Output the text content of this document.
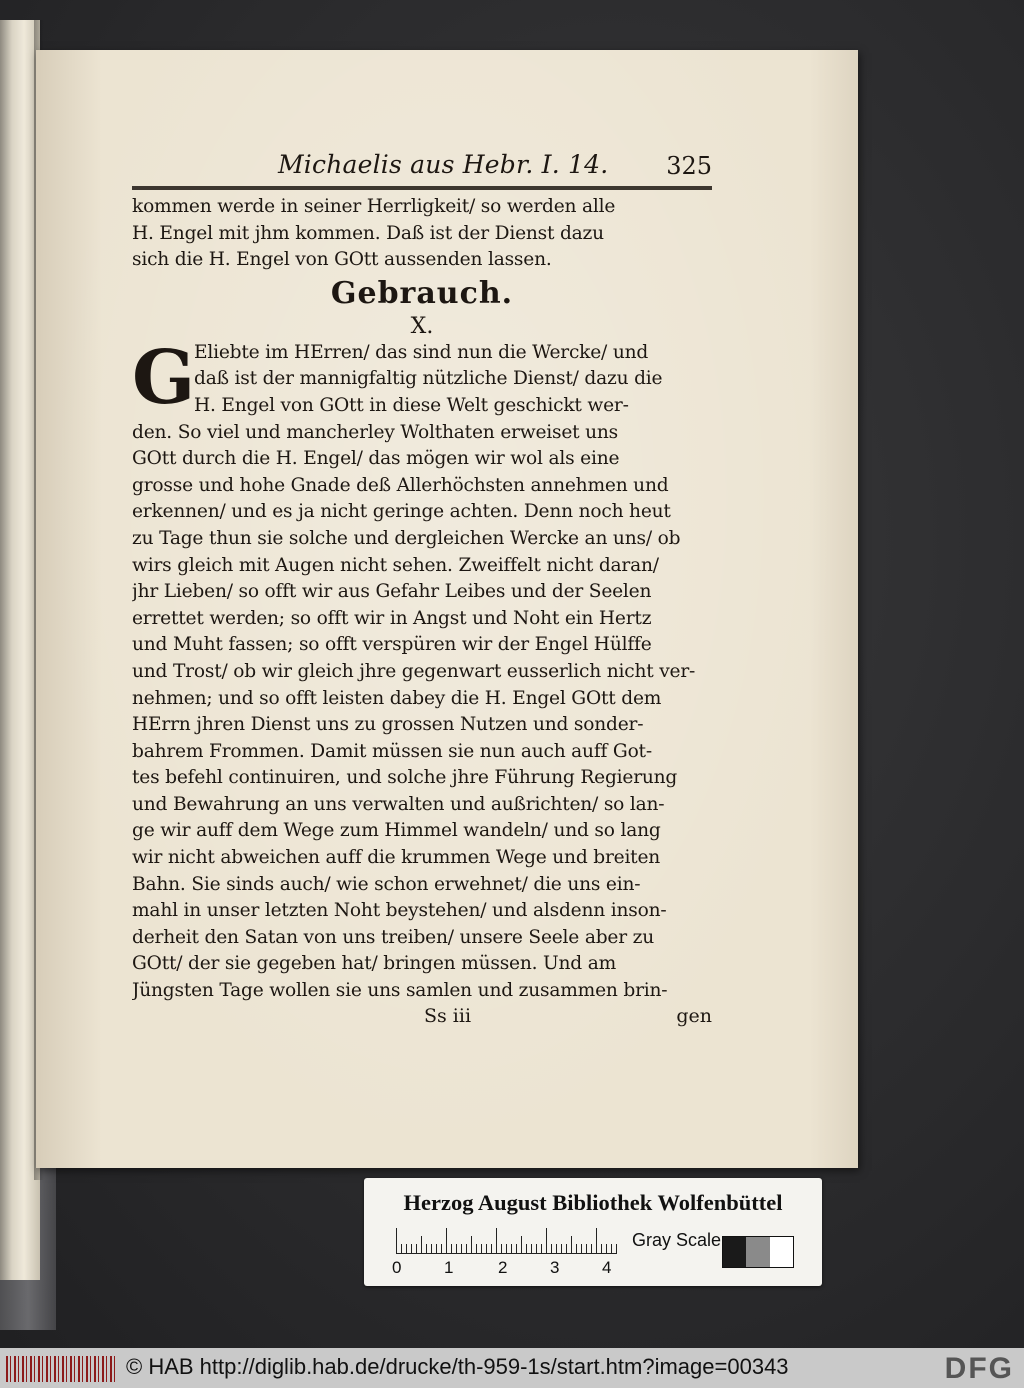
Michaelis aus Hebr. I. 14. 325
kommen werde in seiner Herrligkeit/ so werden alle
H. Engel mit jhm kommen. Daß ist der Dienst dazu
sich die H. Engel von GOtt aussenden lassen.
Gebrauch.
X.
G
Eliebte im HErren/ das sind nun die Wercke/ und
daß ist der mannigfaltig nützliche Dienst/ dazu die
H. Engel von GOtt in diese Welt geschickt wer-
den. So viel und mancherley Wolthaten erweiset uns
GOtt durch die H. Engel/ das mögen wir wol als eine
grosse und hohe Gnade deß Allerhöchsten annehmen und
erkennen/ und es ja nicht geringe achten. Denn noch heut
zu Tage thun sie solche und dergleichen Wercke an uns/ ob
wirs gleich mit Augen nicht sehen. Zweiffelt nicht daran/
jhr Lieben/ so offt wir aus Gefahr Leibes und der Seelen
errettet werden; so offt wir in Angst und Noht ein Hertz
und Muht fassen; so offt verspüren wir der Engel Hülffe
und Trost/ ob wir gleich jhre gegenwart eusserlich nicht ver-
nehmen; und so offt leisten dabey die H. Engel GOtt dem
HErrn jhren Dienst uns zu grossen Nutzen und sonder-
bahrem Frommen. Damit müssen sie nun auch auff Got-
tes befehl continuiren, und solche jhre Führung Regierung
und Bewahrung an uns verwalten und außrichten/ so lan-
ge wir auff dem Wege zum Himmel wandeln/ und so lang
wir nicht abweichen auff die krummen Wege und breiten
Bahn. Sie sinds auch/ wie schon erwehnet/ die uns ein-
mahl in unser letzten Noht beystehen/ und alsdenn inson-
derheit den Satan von uns treiben/ unsere Seele aber zu
GOtt/ der sie gegeben hat/ bringen müssen. Und am
Jüngsten Tage wollen sie uns samlen und zusammen brin-
Ss iii	gen
Herzog August Bibliothek Wolfenbüttel
0	1	2	3	4
Gray Scale
© HAB http://diglib.hab.de/drucke/th-959-1s/start.htm?image=00343	DFG
